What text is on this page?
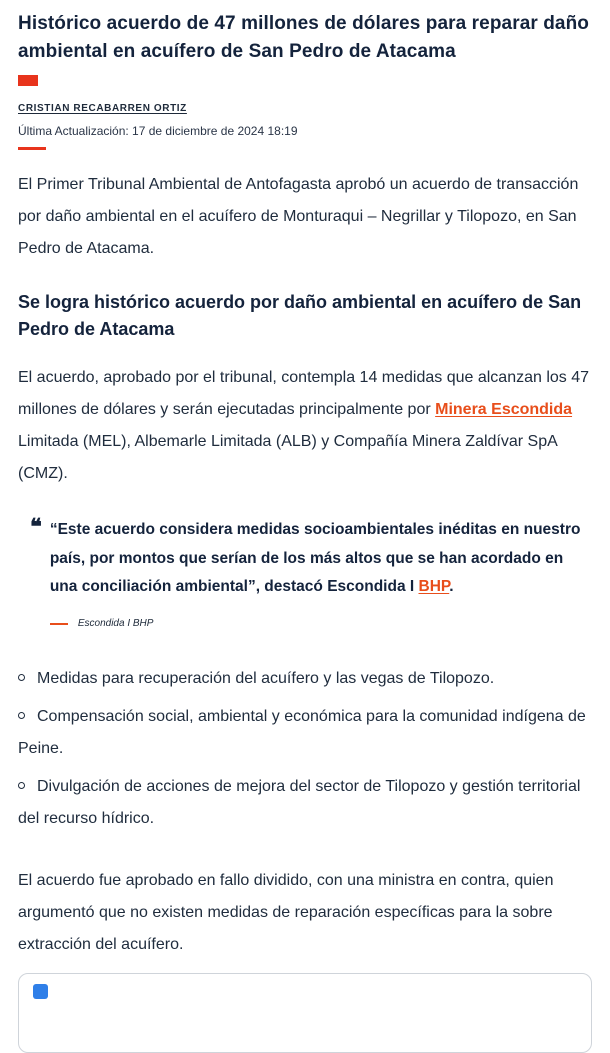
Histórico acuerdo de 47 millones de dólares para reparar daño ambiental en acuífero de San Pedro de Atacama
CRISTIAN RECABARREN ORTIZ
Última Actualización: 17 de diciembre de 2024 18:19

El Primer Tribunal Ambiental de Antofagasta aprobó un acuerdo de transacción por daño ambiental en el acuífero de Monturaqui – Negrillar y Tilopozo, en San Pedro de Atacama.

Se logra histórico acuerdo por daño ambiental en acuífero de San Pedro de Atacama

El acuerdo, aprobado por el tribunal, contempla 14 medidas que alcanzan los 47 millones de dólares y serán ejecutadas principalmente por Minera Escondida Limitada (MEL), Albemarle Limitada (ALB) y Compañía Minera Zaldívar SpA (CMZ).

❝ “Este acuerdo considera medidas socioambientales inéditas en nuestro país, por montos que serían de los más altos que se han acordado en una conciliación ambiental”, destacó Escondida I BHP.
Escondida I BHP
Medidas para recuperación del acuífero y las vegas de Tilopozo.
Compensación social, ambiental y económica para la comunidad indígena de Peine.
Divulgación de acciones de mejora del sector de Tilopozo y gestión territorial del recurso hídrico.

El acuerdo fue aprobado en fallo dividido, con una ministra en contra, quien argumentó que no existen medidas de reparación específicas para la sobre extracción del acuífero.
